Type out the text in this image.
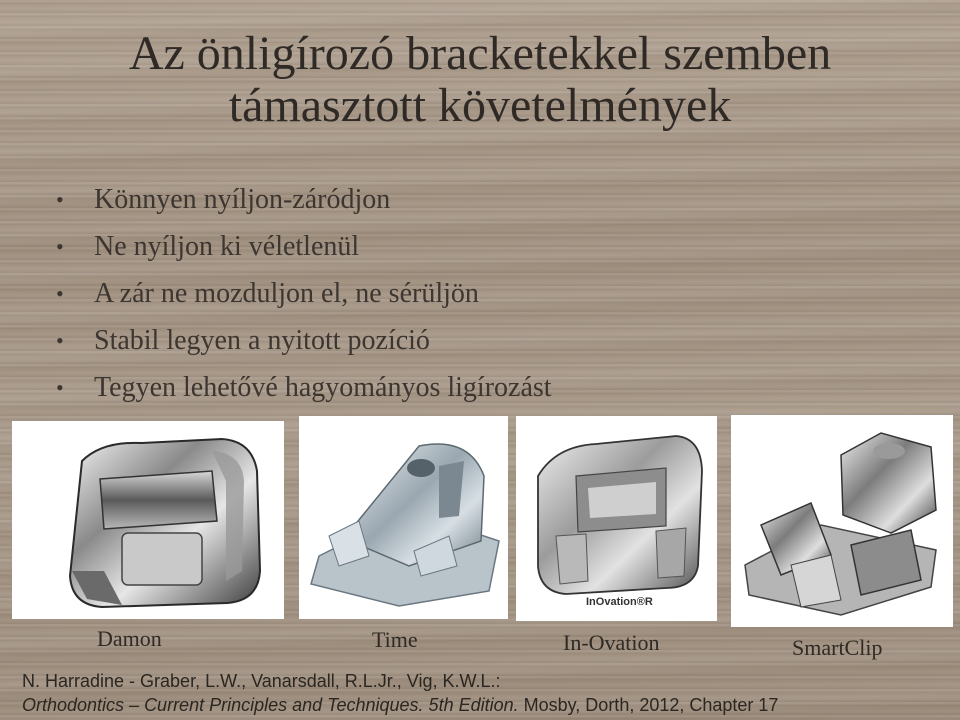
Az önligírozó bracketekkel szemben
támasztott követelmények
• Könnyen nyíljon-záródjon
• Ne nyíljon ki véletlenül
• A zár ne mozduljon el, ne sérüljön
• Stabil legyen a nyitott pozíció
• Tegyen lehetővé hagyományos ligírozást
InOvation®R
Damon	Time	In-Ovation	SmartClip
N. Harradine - Graber, L.W., Vanarsdall, R.L.Jr., Vig, K.W.L.:
Orthodontics – Current Principles and Techniques. 5th Edition. Mosby, Dorth, 2012, Chapter 17
